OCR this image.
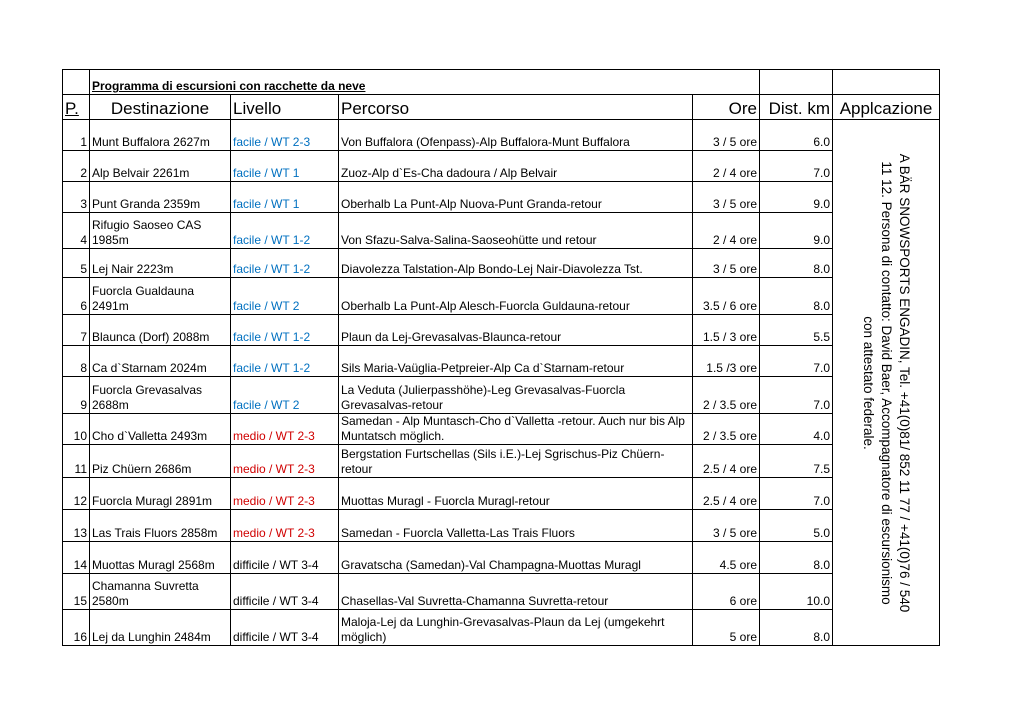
	Programma di escursioni con racchette da neve					
P.	Destinazione	Livello	Percorso	Ore	Dist. km	Applcazione
1	Munt Buffalora 2627m	facile / WT 2-3	Von Buffalora (Ofenpass)-Alp Buffalora-Munt Buffalora	3 / 5 ore	6.0	A BÄR SNOWSPORTS ENGADIN, Tel. +41(0)81/ 852 11 77 / +41(0)76 / 540 11 12. Persona di contatto: David Baer, Accompagnatore di escursionismo con attestato federale.

2	Alp Belvair 2261m	facile / WT 1	Zuoz-Alp d`Es-Cha dadoura / Alp Belvair	2 / 4 ore	7.0	
3	Punt Granda 2359m	facile / WT 1	Oberhalb La Punt-Alp Nuova-Punt Granda-retour	3 / 5 ore	9.0	
4	Rifugio Saoseo CAS 1985m	facile / WT 1-2	Von Sfazu-Salva-Salina-Saoseohütte und retour	2 / 4 ore	9.0	
5	Lej Nair 2223m	facile / WT 1-2	Diavolezza Talstation-Alp Bondo-Lej Nair-Diavolezza Tst.	3 / 5 ore	8.0	
6	Fuorcla Gualdauna 2491m	facile / WT 2	Oberhalb La Punt-Alp Alesch-Fuorcla Guldauna-retour	3.5 / 6 ore	8.0	
7	Blaunca (Dorf) 2088m	facile / WT 1-2	Plaun da Lej-Grevasalvas-Blaunca-retour	1.5 / 3 ore	5.5	
8	Ca d`Starnam 2024m	facile / WT 1-2	Sils Maria-Vaüglia-Petpreier-Alp Ca d`Starnam-retour	1.5 /3 ore	7.0	
9	Fuorcla Grevasalvas 2688m	facile / WT 2	La Veduta (Julierpasshöhe)-Leg Grevasalvas-Fuorcla Grevasalvas-retour	2 / 3.5 ore	7.0	
10	Cho d`Valletta 2493m	medio / WT 2-3	Samedan - Alp Muntasch-Cho d`Valletta -retour. Auch nur bis Alp Muntatsch möglich.	2 / 3.5 ore	4.0	
11	Piz Chüern 2686m	medio / WT 2-3	Bergstation Furtschellas (Sils i.E.)-Lej Sgrischus-Piz Chüern-retour	2.5 / 4 ore	7.5	
12	Fuorcla Muragl 2891m	medio / WT 2-3	Muottas Muragl - Fuorcla Muragl-retour	2.5 / 4 ore	7.0	
13	Las Trais Fluors 2858m	medio / WT 2-3	Samedan - Fuorcla Valletta-Las Trais Fluors	3 / 5 ore	5.0	
14	Muottas Muragl 2568m	difficile / WT 3-4	Gravatscha (Samedan)-Val Champagna-Muottas Muragl	4.5 ore	8.0	
15	Chamanna Suvretta 2580m	difficile / WT 3-4	Chasellas-Val Suvretta-Chamanna Suvretta-retour	6 ore	10.0	
16	Lej da Lunghin 2484m	difficile / WT 3-4	Maloja-Lej da Lunghin-Grevasalvas-Plaun da Lej (umgekehrt möglich)	5 ore	8.0	
